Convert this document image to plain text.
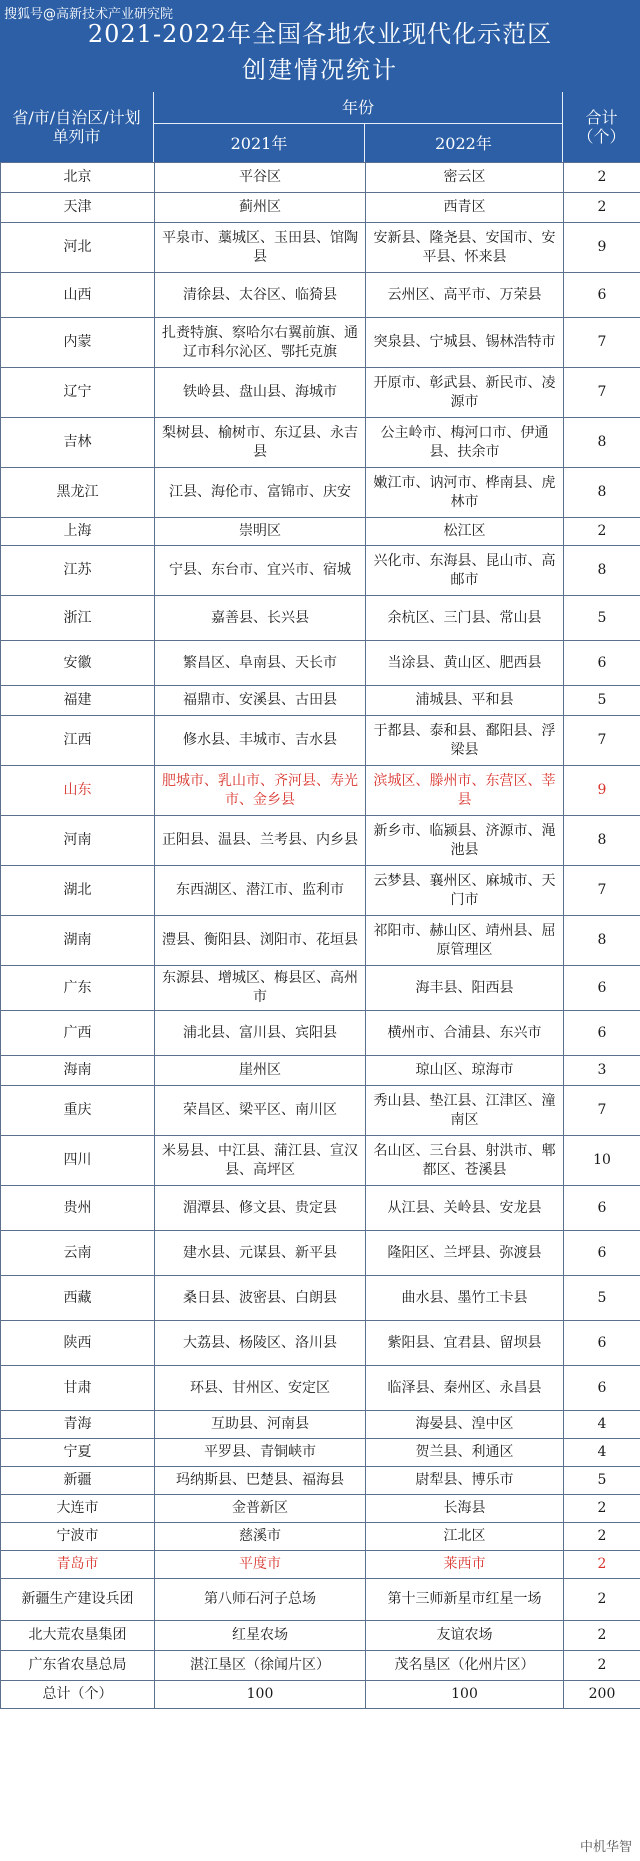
搜狐号@高新技术产业研究院
2021-2022年全国各地农业现代化示范区
创建情况统计
省/市/自治区/计划单列市
年份
2021年	2022年
合计（个）
北京	平谷区	密云区	2
天津	蓟州区	西青区	2
河北	平泉市、藁城区、玉田县、馆陶县	安新县、隆尧县、安国市、安平县、怀来县	9
山西	清徐县、太谷区、临猗县	云州区、高平市、万荣县	6
内蒙	扎赉特旗、察哈尔右翼前旗、通辽市科尔沁区、鄂托克旗	突泉县、宁城县、锡林浩特市	7
辽宁	铁岭县、盘山县、海城市	开原市、彰武县、新民市、凌源市	7
吉林	梨树县、榆树市、东辽县、永吉县	公主岭市、梅河口市、伊通县、扶余市	8
黑龙江	江县、海伦市、富锦市、庆安	嫩江市、讷河市、桦南县、虎林市	8
上海	崇明区	松江区	2
江苏	宁县、东台市、宜兴市、宿城	兴化市、东海县、昆山市、高邮市	8
浙江	嘉善县、长兴县	余杭区、三门县、常山县	5
安徽	繁昌区、阜南县、天长市	当涂县、黄山区、肥西县	6
福建	福鼎市、安溪县、古田县	浦城县、平和县	5
江西	修水县、丰城市、吉水县	于都县、泰和县、鄱阳县、浮梁县	7
山东	肥城市、乳山市、齐河县、寿光市、金乡县	滨城区、滕州市、东营区、莘县	9
河南	正阳县、温县、兰考县、内乡县	新乡市、临颍县、济源市、渑池县	8
湖北	东西湖区、潜江市、监利市	云梦县、襄州区、麻城市、天门市	7
湖南	澧县、衡阳县、浏阳市、花垣县	祁阳市、赫山区、靖州县、屈原管理区	8
广东	东源县、增城区、梅县区、高州市	海丰县、阳西县	6
广西	浦北县、富川县、宾阳县	横州市、合浦县、东兴市	6
海南	崖州区	琼山区、琼海市	3
重庆	荣昌区、梁平区、南川区	秀山县、垫江县、江津区、潼南区	7
四川	米易县、中江县、蒲江县、宣汉县、高坪区	名山区、三台县、射洪市、郫都区、苍溪县	10
贵州	湄潭县、修文县、贵定县	从江县、关岭县、安龙县	6
云南	建水县、元谋县、新平县	隆阳区、兰坪县、弥渡县	6
西藏	桑日县、波密县、白朗县	曲水县、墨竹工卡县	5
陕西	大荔县、杨陵区、洛川县	紫阳县、宜君县、留坝县	6
甘肃	环县、甘州区、安定区	临泽县、秦州区、永昌县	6
青海	互助县、河南县	海晏县、湟中区	4
宁夏	平罗县、青铜峡市	贺兰县、利通区	4
新疆	玛纳斯县、巴楚县、福海县	尉犁县、博乐市	5
大连市	金普新区	长海县	2
宁波市	慈溪市	江北区	2
青岛市	平度市	莱西市	2
新疆生产建设兵团	第八师石河子总场	第十三师新星市红星一场	2
北大荒农垦集团	红星农场	友谊农场	2
广东省农垦总局	湛江垦区（徐闻片区）	茂名垦区（化州片区）	2
总计（个）	100	100	200
中机华智
